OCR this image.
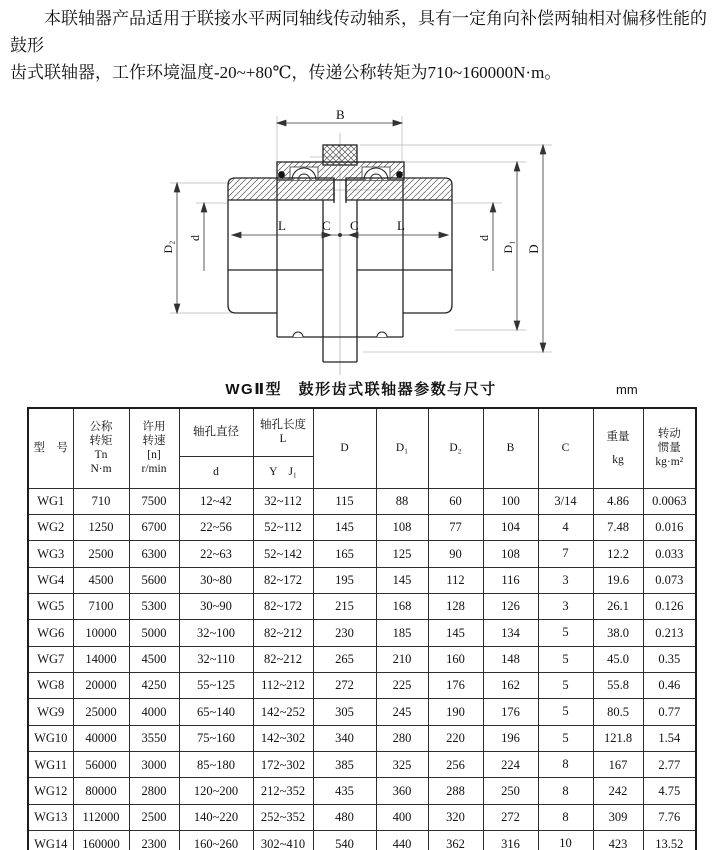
本联轴器产品适用于联接水平两同轴线传动轴系，具有一定角向补偿两轴相对偏移性能的鼓形
齿式联轴器，工作环境温度-20~+80℃，传递公称转矩为710~160000N·m。

B
D₂
d
L	C C	L
d
D₁ D
WGⅡ型　鼓形齿式联轴器参数与尺寸	mm
型　号	公称
转矩
Tn
N·m	许用
转速
[n]
r/min	轴孔直径	轴孔长度
L	D	D₁	D₂	B	C	重量
kg	转动
惯量
kg·m²
			d	Y　J₁							
WG1	710	7500	12~42	32~112	115	88	60	100	3/14	4.86	0.0063
WG2	1250	6700	22~56	52~112	145	108	77	104	4	7.48	0.016
WG3	2500	6300	22~63	52~142	165	125	90	108	7	12.2	0.033
WG4	4500	5600	30~80	82~172	195	145	112	116	3	19.6	0.073
WG5	7100	5300	30~90	82~172	215	168	128	126	3	26.1	0.126
WG6	10000	5000	32~100	82~212	230	185	145	134	5	38.0	0.213
WG7	14000	4500	32~110	82~212	265	210	160	148	5	45.0	0.35
WG8	20000	4250	55~125	112~212	272	225	176	162	5	55.8	0.46
WG9	25000	4000	65~140	142~252	305	245	190	176	5	80.5	0.77
WG10	40000	3550	75~160	142~302	340	280	220	196	5	121.8	1.54
WG11	56000	3000	85~180	172~302	385	325	256	224	8	167	2.77
WG12	80000	2800	120~200	212~352	435	360	288	250	8	242	4.75
WG13	112000	2500	140~220	252~352	480	400	320	272	8	309	7.76
WG14	160000	2300	160~260	302~410	540	440	362	316	10	423	13.52
